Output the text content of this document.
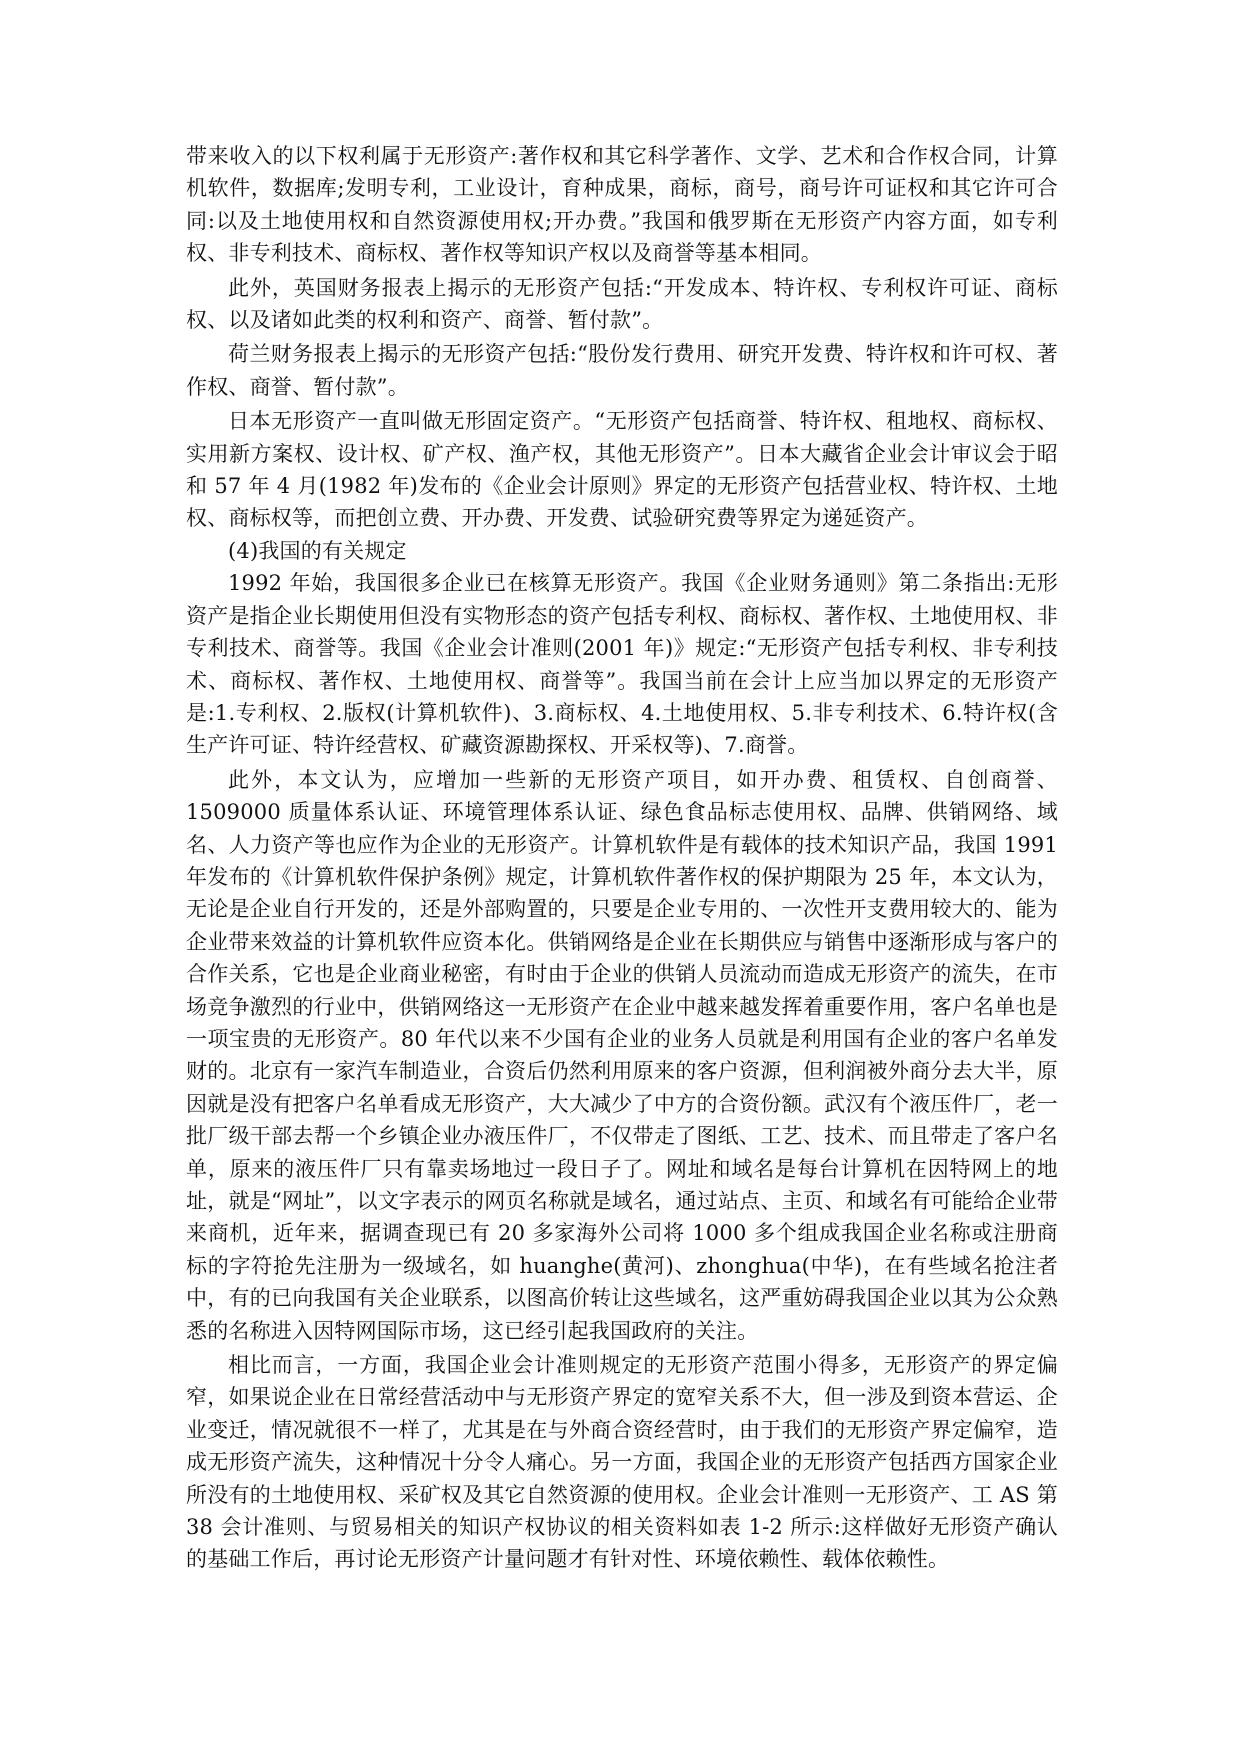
带来收入的以下权利属于无形资产:著作权和其它科学著作、文学、艺术和合作权合同，计算机软件，数据库;发明专利，工业设计，育种成果，商标，商号，商号许可证权和其它许可合同:以及土地使用权和自然资源使用权;开办费。”我国和俄罗斯在无形资产内容方面，如专利权、非专利技术、商标权、著作权等知识产权以及商誉等基本相同。

此外，英国财务报表上揭示的无形资产包括:“开发成本、特许权、专利权许可证、商标权、以及诸如此类的权利和资产、商誉、暂付款”。

荷兰财务报表上揭示的无形资产包括:“股份发行费用、研究开发费、特许权和许可权、著作权、商誉、暂付款”。

日本无形资产一直叫做无形固定资产。“无形资产包括商誉、特许权、租地权、商标权、实用新方案权、设计权、矿产权、渔产权，其他无形资产”。日本大藏省企业会计审议会于昭和 57 年 4 月(1982 年)发布的《企业会计原则》界定的无形资产包括营业权、特许权、土地权、商标权等，而把创立费、开办费、开发费、试验研究费等界定为递延资产。

(4)我国的有关规定

1992 年始，我国很多企业已在核算无形资产。我国《企业财务通则》第二条指出:无形资产是指企业长期使用但没有实物形态的资产包括专利权、商标权、著作权、土地使用权、非专利技术、商誉等。我国《企业会计准则(2001 年)》规定:“无形资产包括专利权、非专利技术、商标权、著作权、土地使用权、商誉等”。我国当前在会计上应当加以界定的无形资产是:1.专利权、2.版权(计算机软件)、3.商标权、4.土地使用权、5.非专利技术、6.特许权(含生产许可证、特许经营权、矿藏资源勘探权、开采权等)、7.商誉。

此外，本文认为，应增加一些新的无形资产项目，如开办费、租赁权、自创商誉、1509000 质量体系认证、环境管理体系认证、绿色食品标志使用权、品牌、供销网络、域名、人力资产等也应作为企业的无形资产。计算机软件是有载体的技术知识产品，我国 1991 年发布的《计算机软件保护条例》规定，计算机软件著作权的保护期限为 25 年，本文认为，无论是企业自行开发的，还是外部购置的，只要是企业专用的、一次性开支费用较大的、能为企业带来效益的计算机软件应资本化。供销网络是企业在长期供应与销售中逐渐形成与客户的合作关系，它也是企业商业秘密，有时由于企业的供销人员流动而造成无形资产的流失，在市场竞争激烈的行业中，供销网络这一无形资产在企业中越来越发挥着重要作用，客户名单也是一项宝贵的无形资产。80 年代以来不少国有企业的业务人员就是利用国有企业的客户名单发财的。北京有一家汽车制造业，合资后仍然利用原来的客户资源，但利润被外商分去大半，原因就是没有把客户名单看成无形资产，大大减少了中方的合资份额。武汉有个液压件厂，老一批厂级干部去帮一个乡镇企业办液压件厂，不仅带走了图纸、工艺、技术、而且带走了客户名单，原来的液压件厂只有靠卖场地过一段日子了。网址和域名是每台计算机在因特网上的地址，就是“网址”，以文字表示的网页名称就是域名，通过站点、主页、和域名有可能给企业带来商机，近年来，据调查现已有 20 多家海外公司将 1000 多个组成我国企业名称或注册商标的字符抢先注册为一级域名，如 huanghe(黄河)、zhonghua(中华)，在有些域名抢注者中，有的已向我国有关企业联系，以图高价转让这些域名，这严重妨碍我国企业以其为公众熟悉的名称进入因特网国际市场，这已经引起我国政府的关注。

相比而言，一方面，我国企业会计准则规定的无形资产范围小得多，无形资产的界定偏窄，如果说企业在日常经营活动中与无形资产界定的宽窄关系不大，但一涉及到资本营运、企业变迁，情况就很不一样了，尤其是在与外商合资经营时，由于我们的无形资产界定偏窄，造成无形资产流失，这种情况十分令人痛心。另一方面，我国企业的无形资产包括西方国家企业所没有的土地使用权、采矿权及其它自然资源的使用权。企业会计准则一无形资产、工 AS 第 38 会计准则、与贸易相关的知识产权协议的相关资料如表 1-2 所示:这样做好无形资产确认的基础工作后，再讨论无形资产计量问题才有针对性、环境依赖性、载体依赖性。
